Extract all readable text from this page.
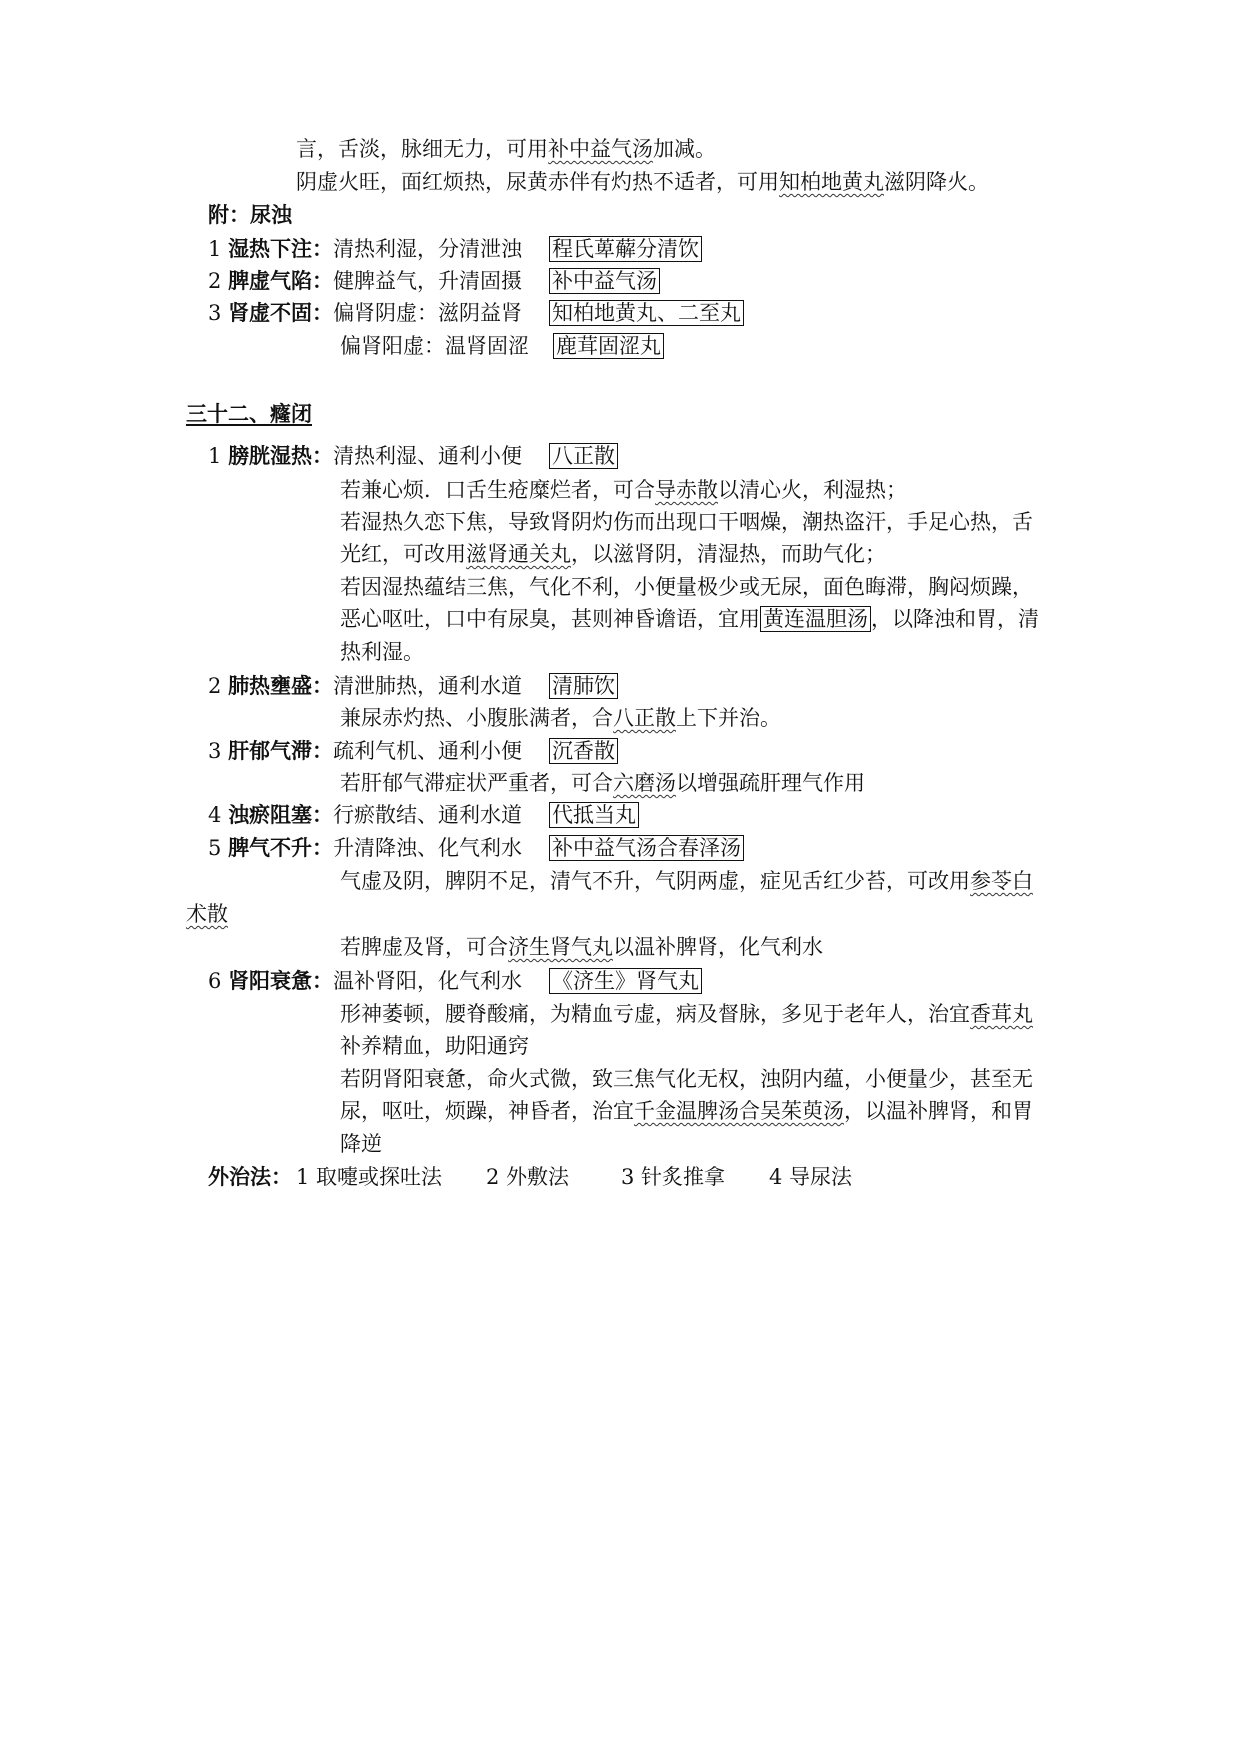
言，舌淡，脉细无力，可用补中益气汤加减。
阴虚火旺，面红烦热，尿黄赤伴有灼热不适者，可用知柏地黄丸滋阴降火。
附：尿浊
1 湿热下注：清热利湿，分清泄浊 程氏萆薢分清饮
2 脾虚气陷：健脾益气，升清固摄 补中益气汤
3 肾虚不固：偏肾阴虚：滋阴益肾 知柏地黄丸、二至丸
偏肾阳虚：温肾固涩 鹿茸固涩丸
三十二、癃闭
1 膀胱湿热：清热利湿、通利小便 八正散
若兼心烦．口舌生疮糜烂者，可合导赤散以清心火，利湿热；
若湿热久恋下焦，导致肾阴灼伤而出现口干咽燥，潮热盗汗，手足心热，舌
光红，可改用滋肾通关丸，以滋肾阴，清湿热，而助气化；
若因湿热蕴结三焦，气化不利，小便量极少或无尿，面色晦滞，胸闷烦躁，
恶心呕吐，口中有尿臭，甚则神昏谵语，宜用 黄连温胆汤 ，以降浊和胃，清
热利湿。
2 肺热壅盛：清泄肺热，通利水道 清肺饮
兼尿赤灼热、小腹胀满者，合八正散上下并治。
3 肝郁气滞：疏利气机、通利小便 沉香散
若肝郁气滞症状严重者，可合六磨汤以增强疏肝理气作用
4 浊瘀阻塞：行瘀散结、通利水道 代抵当丸
5 脾气不升：升清降浊、化气利水 补中益气汤合春泽汤
气虚及阴，脾阴不足，清气不升，气阴两虚，症见舌红少苔，可改用参苓白
术散
若脾虚及肾，可合济生肾气丸以温补脾肾，化气利水
6 肾阳衰惫：温补肾阳，化气利水 《济生》肾气丸
形神萎顿，腰脊酸痛，为精血亏虚，病及督脉，多见于老年人，治宜香茸丸
补养精血，助阳通窍
若阴肾阳衰惫，命火式微，致三焦气化无权，浊阴内蕴，小便量少，甚至无
尿，呕吐，烦躁，神昏者，治宜千金温脾汤合吴茱萸汤，以温补脾肾，和胃
降逆
外治法： 1 取嚏或探吐法 2 外敷法 3 针炙推拿 4 导尿法
